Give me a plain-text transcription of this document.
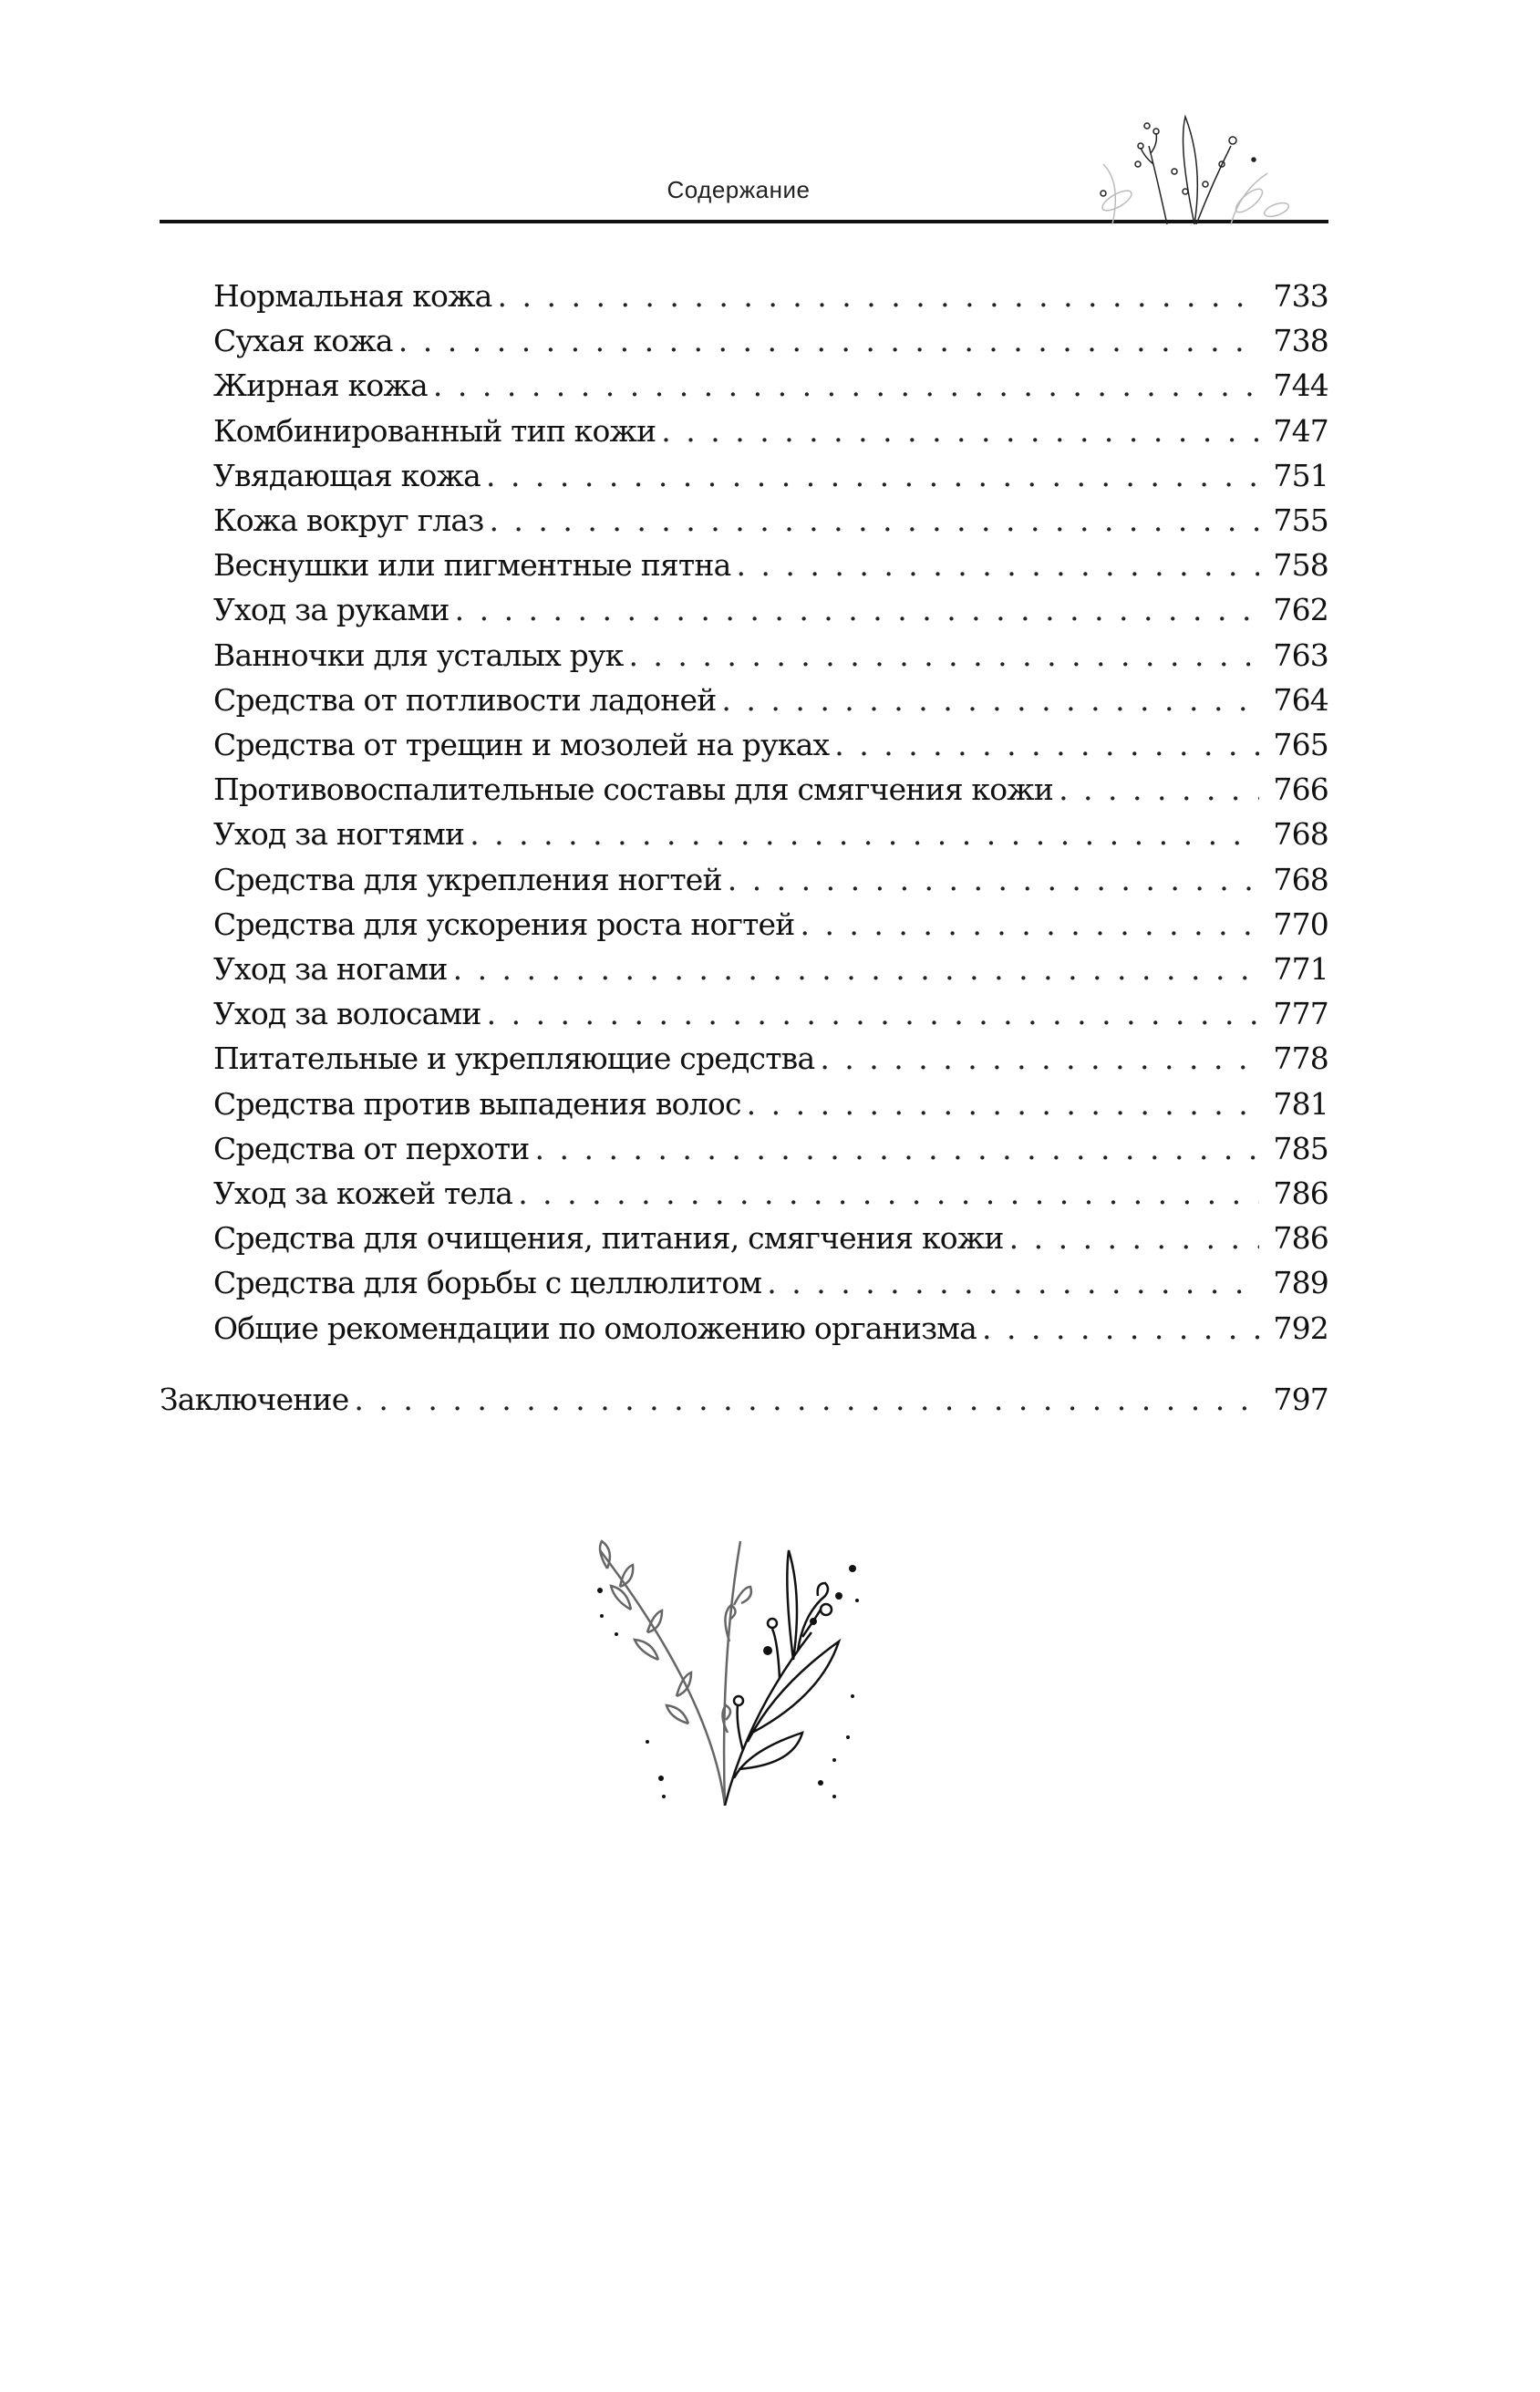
Содержание
Нормальная кожа . . .	733
Сухая кожа . . .	738
Жирная кожа . . .	744
Комбинированный тип кожи . . .	747
Увядающая кожа . . .	751
Кожа вокруг глаз . . .	755
Веснушки или пигментные пятна . . .	758
Уход за руками . . .	762
Ванночки для усталых рук . . .	763
Средства от потливости ладоней . . .	764
Средства от трещин и мозолей на руках . . .	765
Противовоспалительные составы для смягчения кожи . . .	766
Уход за ногтями . . .	768
Средства для укрепления ногтей . . .	768
Средства для ускорения роста ногтей . . .	770
Уход за ногами . . .	771
Уход за волосами . . .	777
Питательные и укрепляющие средства . . .	778
Средства против выпадения волос . . .	781
Средства от перхоти . . .	785
Уход за кожей тела . . .	786
Средства для очищения, питания, смягчения кожи . . .	786
Средства для борьбы с целлюлитом . . .	789
Общие рекомендации по омоложению организма . . .	792
Заключение . . .	797
